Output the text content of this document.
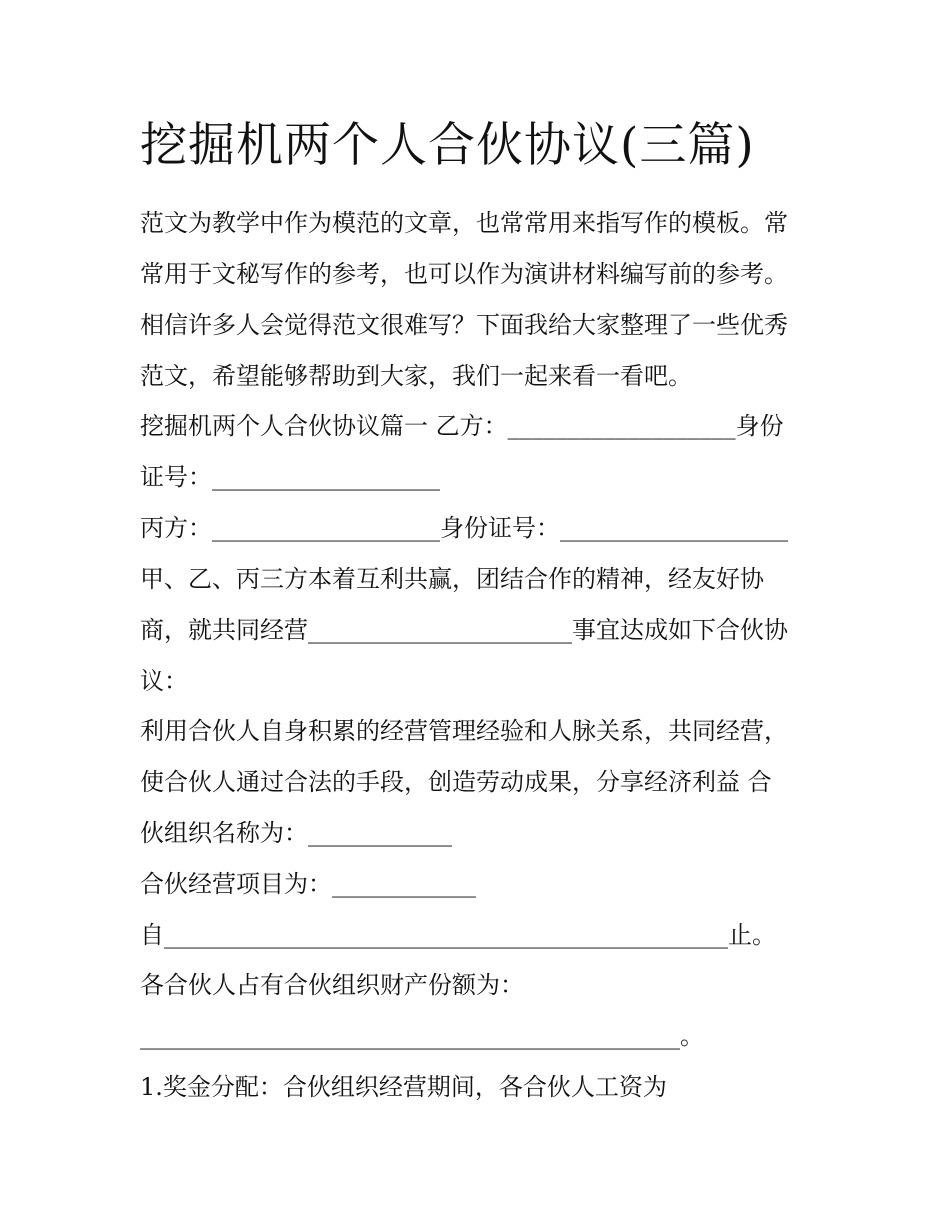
挖掘机两个人合伙协议(三篇)

范文为教学中作为模范的文章，也常常用来指写作的模板。常

常用于文秘写作的参考，也可以作为演讲材料编写前的参考。

相信许多人会觉得范文很难写？下面我给大家整理了一些优秀

范文，希望能够帮助到大家，我们一起来看一看吧。

挖掘机两个人合伙协议篇一 乙方：___________________身份

证号：___________________

丙方：___________________身份证号：___________________

甲、乙、丙三方本着互利共赢，团结合作的精神，经友好协

商，就共同经营______________________事宜达成如下合伙协

议：

利用合伙人自身积累的经营管理经验和人脉关系，共同经营，

使合伙人通过合法的手段，创造劳动成果，分享经济利益 合

伙组织名称为：____________

合伙经营项目为：____________

自_______________________________________________止。

各合伙人占有合伙组织财产份额为：

_____________________________________________。

1.奖金分配：合伙组织经营期间，各合伙人工资为
